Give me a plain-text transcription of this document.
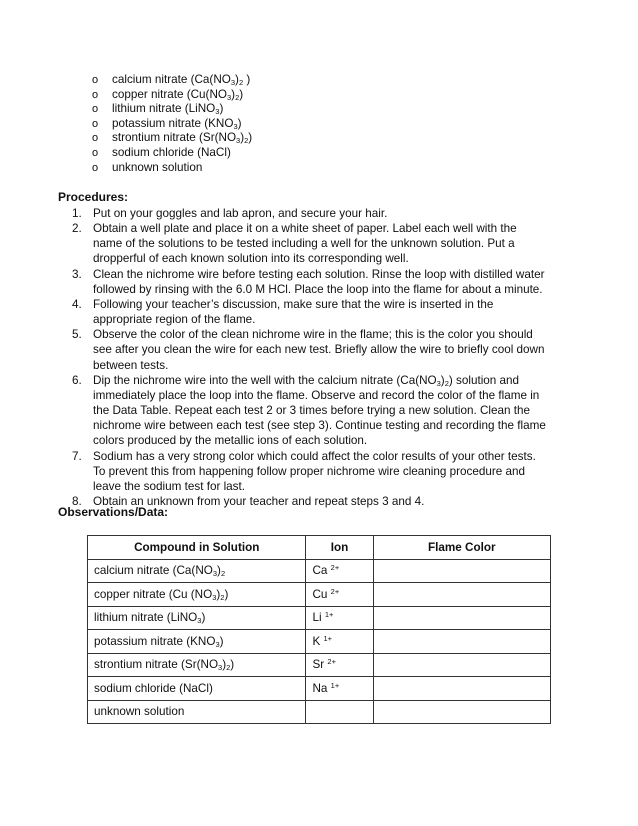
o calcium nitrate ($Ca(NO_3)_2$ )
o copper nitrate $(Cu(NO_3)_2)$
o lithium nitrate (LiNO$_3$)
o potassium nitrate $(KNO_3)$
o strontium nitrate $(Sr(NO_3)_2)$
o sodium chloride (NaCl)
o unknown solution
Procedures:
1. Put on your goggles and lab apron, and secure your hair.
2. Obtain a well plate and place it on a white sheet of paper. Label each well with the
name of the solutions to be tested including a well for the unknown solution. Put a
dropperful of each known solution into its corresponding well.
3. Clean the nichrome wire before testing each solution. Rinse the loop with distilled water
followed by rinsing with the 6.0 M HCl. Place the loop into the flame for about a minute.
4. Following your teacher’s discussion, make sure that the wire is inserted in the
appropriate region of the flame.
5. Observe the color of the clean nichrome wire in the flame; this is the color you should
see after you clean the wire for each new test. Briefly allow the wire to briefly cool down
between tests.
6. Dip the nichrome wire into the well with the calcium nitrate $(Ca(NO_3)_2)$ solution and
immediately place the loop into the flame. Observe and record the color of the flame in
the Data Table. Repeat each test 2 or 3 times before trying a new solution. Clean the
nichrome wire between each test (see step 3). Continue testing and recording the flame
colors produced by the metallic ions of each solution.
7. Sodium has a very strong color which could affect the color results of your other tests.
To prevent this from happening follow proper nichrome wire cleaning procedure and
leave the sodium test for last.
8. Obtain an unknown from your teacher and repeat steps 3 and 4.
Observations/Data:
Compound in Solution	Ion	Flame Color
calcium nitrate ($Ca(NO_3)_2$	Ca $^{2+}$	
copper nitrate (Cu $(NO_3)_2$)	Cu $^{2+}$	
lithium nitrate (LiNO$_3$)	Li $^{1+}$	
potassium nitrate $(KNO_3)$	K $^{1+}$	
strontium nitrate $(Sr(NO_3)_2)$	Sr $^{2+}$	
sodium chloride (NaCl)	Na $^{1+}$	
unknown solution		
